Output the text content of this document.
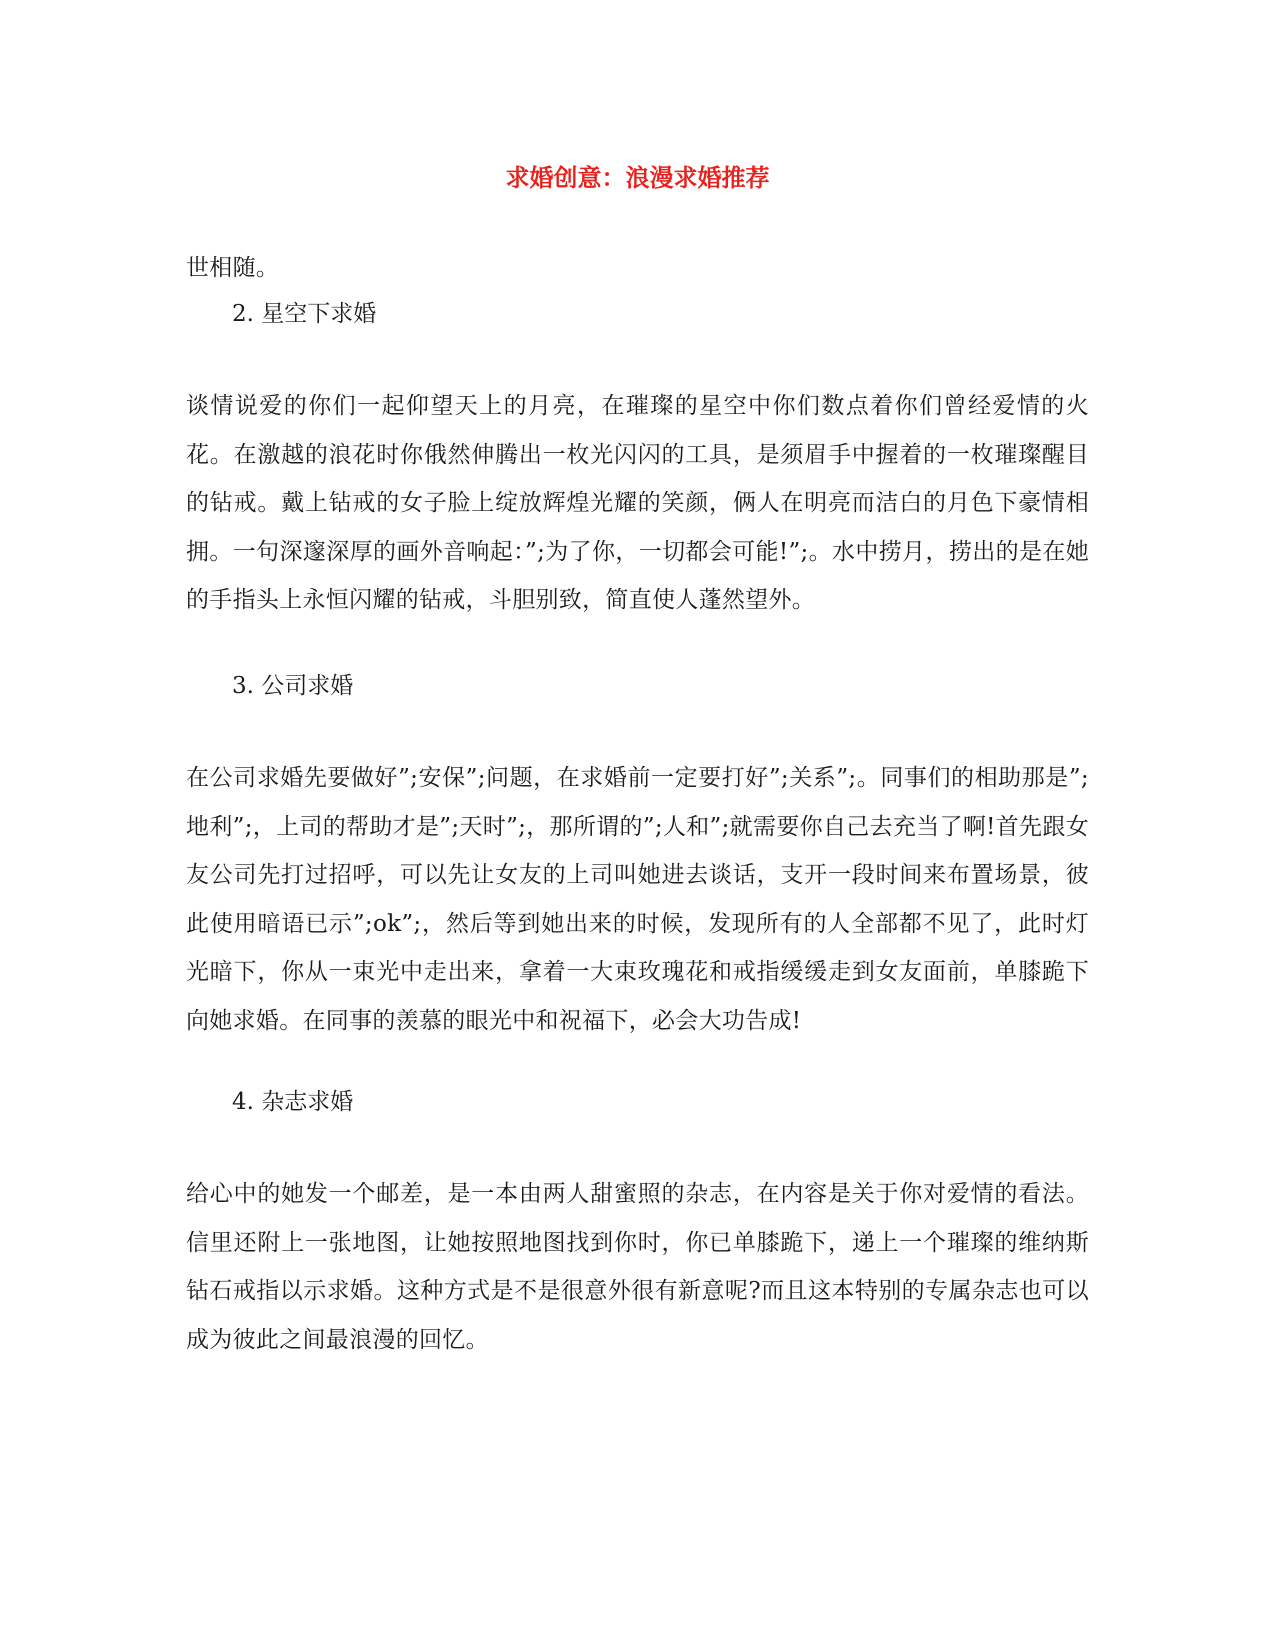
求婚创意：浪漫求婚推荐

世相随。

2. 星空下求婚

谈情说爱的你们一起仰望天上的月亮，在璀璨的星空中你们数点着你们曾经爱情的火花。在激越的浪花时你俄然伸腾出一枚光闪闪的工具，是须眉手中握着的一枚璀璨醒目的钻戒。戴上钻戒的女子脸上绽放辉煌光耀的笑颜，俩人在明亮而洁白的月色下豪情相拥。一句深邃深厚的画外音响起：”;为了你，一切都会可能!”;。水中捞月，捞出的是在她的手指头上永恒闪耀的钻戒，斗胆别致，简直使人蓬然望外。

3. 公司求婚

在公司求婚先要做好”;安保”;问题，在求婚前一定要打好”;关系”;。同事们的相助那是”;地利”;，上司的帮助才是”;天时”;，那所谓的”;人和”;就需要你自己去充当了啊!首先跟女友公司先打过招呼，可以先让女友的上司叫她进去谈话，支开一段时间来布置场景，彼此使用暗语已示”;ok”;，然后等到她出来的时候，发现所有的人全部都不见了，此时灯光暗下，你从一束光中走出来，拿着一大束玫瑰花和戒指缓缓走到女友面前，单膝跪下向她求婚。在同事的羡慕的眼光中和祝福下，必会大功告成!

4. 杂志求婚

给心中的她发一个邮差，是一本由两人甜蜜照的杂志，在内容是关于你对爱情的看法。信里还附上一张地图，让她按照地图找到你时，你已单膝跪下，递上一个璀璨的维纳斯钻石戒指以示求婚。这种方式是不是很意外很有新意呢?而且这本特别的专属杂志也可以成为彼此之间最浪漫的回忆。
